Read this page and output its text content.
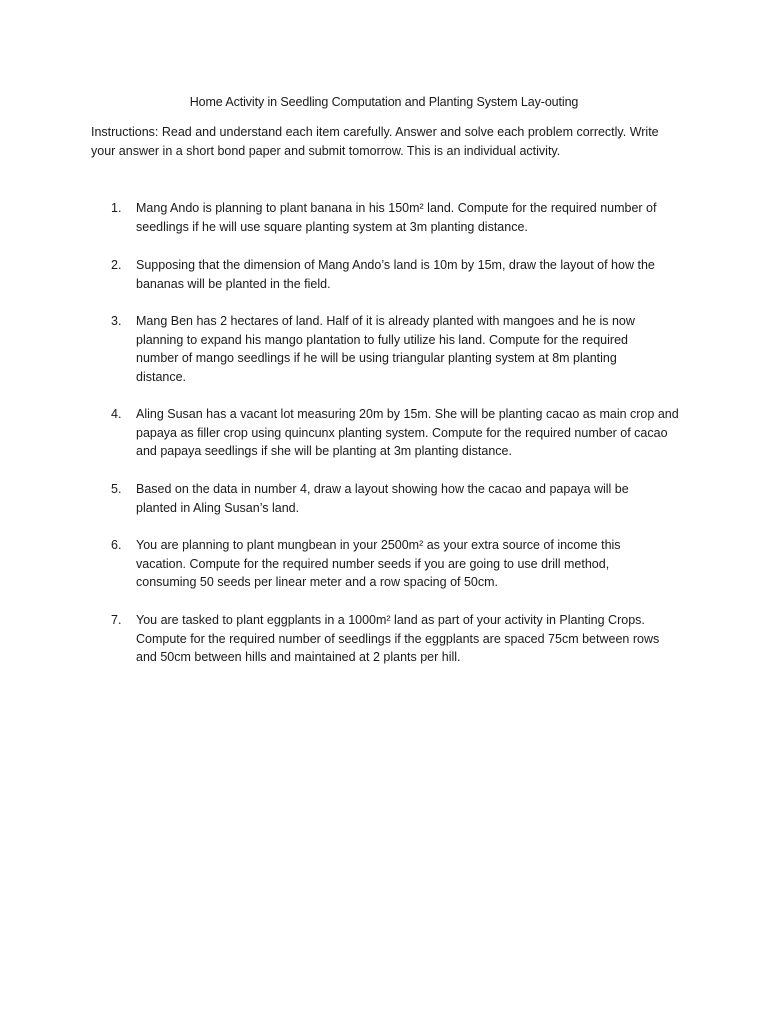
Home Activity in Seedling Computation and Planting System Lay-outing
Instructions: Read and understand each item carefully. Answer and solve each problem correctly. Write
your answer in a short bond paper and submit tomorrow. This is an individual activity.
1.	Mang Ando is planning to plant banana in his 150m² land. Compute for the required number of
seedlings if he will use square planting system at 3m planting distance.
2.	Supposing that the dimension of Mang Ando’s land is 10m by 15m, draw the layout of how the
bananas will be planted in the field.
3.	Mang Ben has 2 hectares of land. Half of it is already planted with mangoes and he is now
planning to expand his mango plantation to fully utilize his land. Compute for the required
number of mango seedlings if he will be using triangular planting system at 8m planting
distance.
4.	Aling Susan has a vacant lot measuring 20m by 15m. She will be planting cacao as main crop and
papaya as filler crop using quincunx planting system. Compute for the required number of cacao
and papaya seedlings if she will be planting at 3m planting distance.
5.	Based on the data in number 4, draw a layout showing how the cacao and papaya will be
planted in Aling Susan’s land.
6.	You are planning to plant mungbean in your 2500m² as your extra source of income this
vacation. Compute for the required number seeds if you are going to use drill method,
consuming 50 seeds per linear meter and a row spacing of 50cm.
7.	You are tasked to plant eggplants in a 1000m² land as part of your activity in Planting Crops.
Compute for the required number of seedlings if the eggplants are spaced 75cm between rows
and 50cm between hills and maintained at 2 plants per hill.
